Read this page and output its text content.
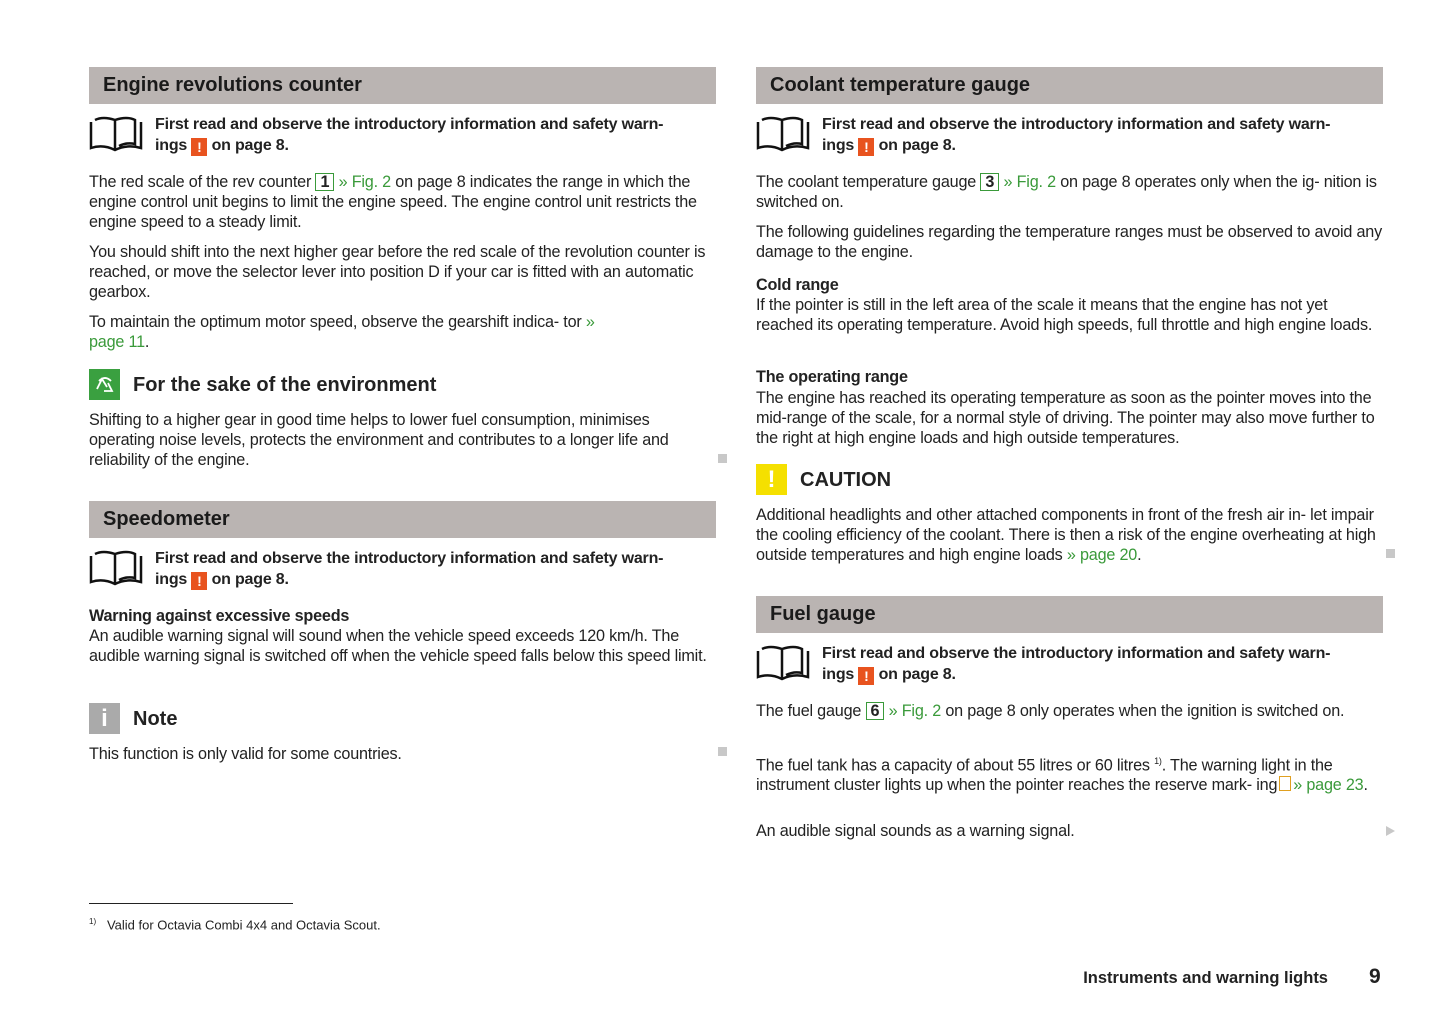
Engine revolutions counter
First read and observe the introductory information and safety warn-
ings ! on page 8.
The red scale of the rev counter 1 » Fig. 2 on page 8 indicates the range in which the engine control unit begins to limit the engine speed. The engine control unit restricts the engine speed to a steady limit.
You should shift into the next higher gear before the red scale of the revolution counter is reached, or move the selector lever into position D if your car is fitted with an automatic gearbox.
To maintain the optimum motor speed, observe the gearshift indica- tor » page 11.
For the sake of the environment
Shifting to a higher gear in good time helps to lower fuel consumption, minimises operating noise levels, protects the environment and contributes to a longer life and reliability of the engine.
Speedometer
First read and observe the introductory information and safety warn-
ings ! on page 8.
Warning against excessive speeds
An audible warning signal will sound when the vehicle speed exceeds 120 km/h. The audible warning signal is switched off when the vehicle speed falls below this speed limit.
i	Note
This function is only valid for some countries.
Coolant temperature gauge
First read and observe the introductory information and safety warn-
ings ! on page 8.
The coolant temperature gauge 3 » Fig. 2 on page 8 operates only when the ig- nition is switched on.
The following guidelines regarding the temperature ranges must be observed to avoid any damage to the engine.
Cold range
If the pointer is still in the left area of the scale it means that the engine has not yet reached its operating temperature. Avoid high speeds, full throttle and high engine loads.
The operating range
The engine has reached its operating temperature as soon as the pointer moves into the mid-range of the scale, for a normal style of driving. The pointer may also move further to the right at high engine loads and high outside temperatures.
!	CAUTION
Additional headlights and other attached components in front of the fresh air in- let impair the cooling efficiency of the coolant. There is then a risk of the engine overheating at high outside temperatures and high engine loads » page 20.
Fuel gauge
First read and observe the introductory information and safety warn-
ings ! on page 8.
The fuel gauge 6 » Fig. 2 on page 8 only operates when the ignition is switched on.
The fuel tank has a capacity of about 55 litres or 60 litres $^{1)}$. The warning light in the instrument cluster lights up when the pointer reaches the reserve mark- ing » page 23.
An audible signal sounds as a warning signal.
$^{1)}$ Valid for Octavia Combi 4x4 and Octavia Scout.
Instruments and warning lights 9
